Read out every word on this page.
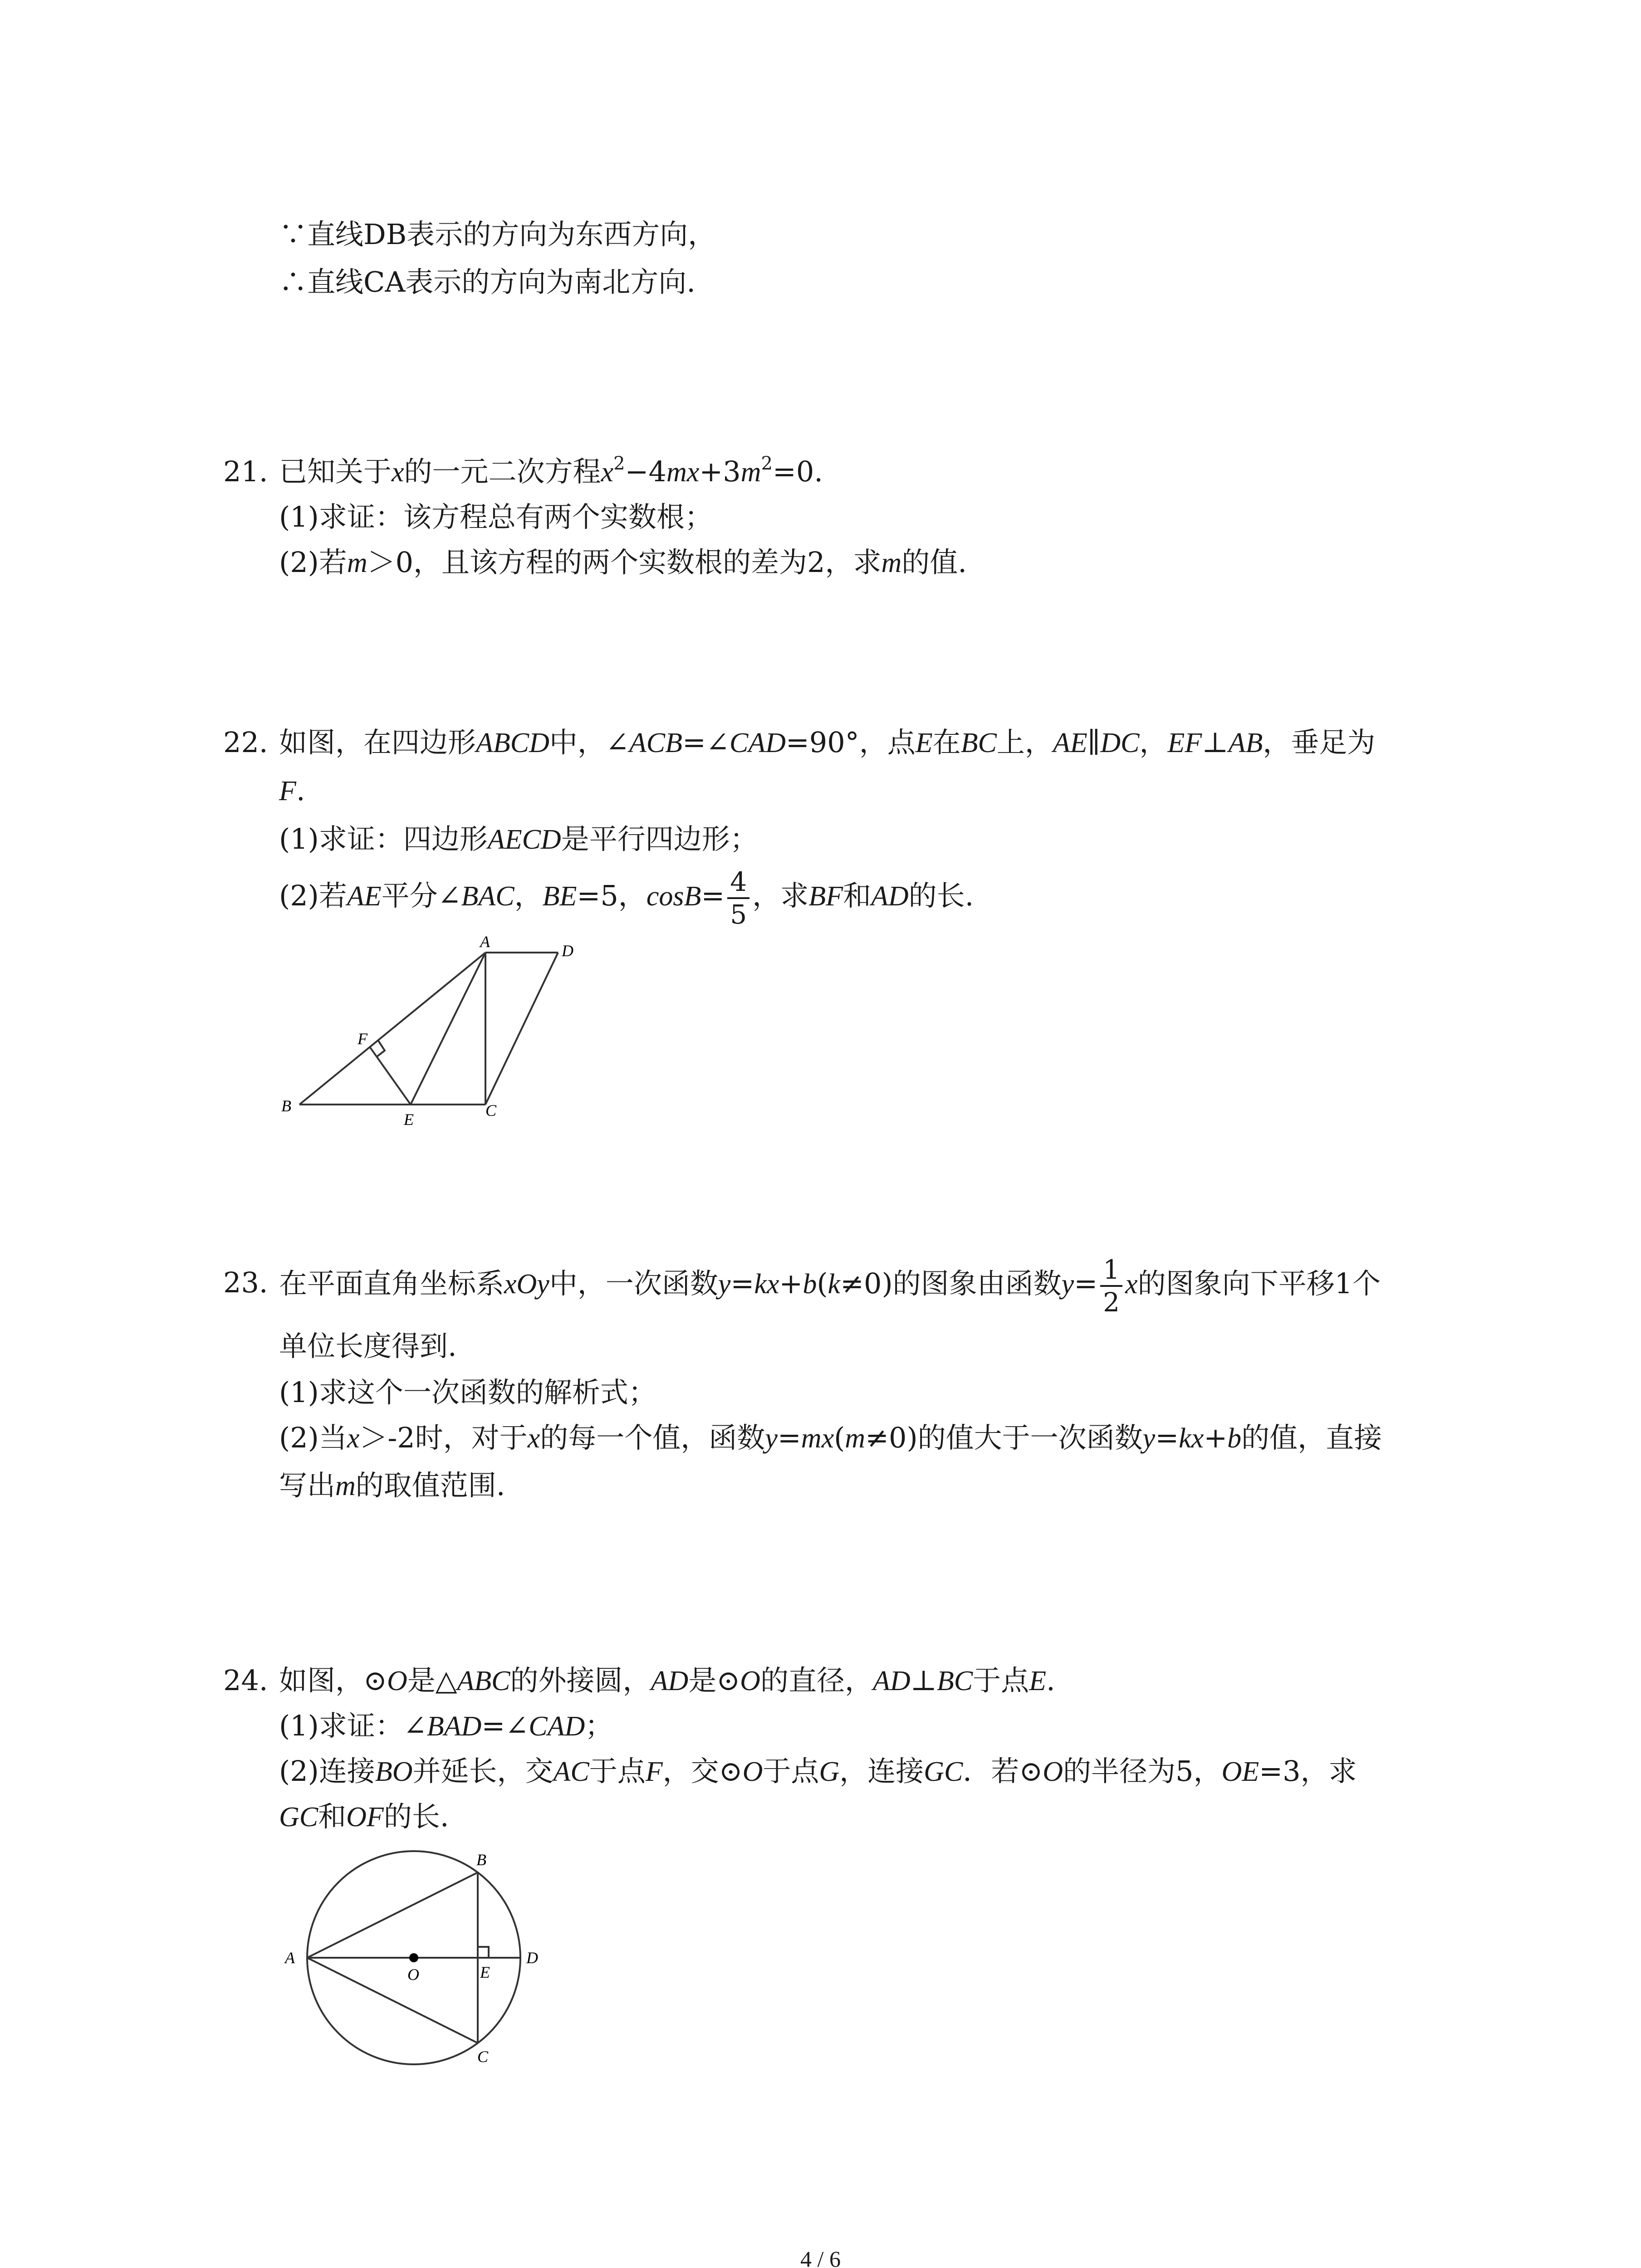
∵直线DB表示的方向为东西方向，
∴直线CA表示的方向为南北方向.
21. 已知关于x的一元二次方程$x^2-4mx+3m^2=0$.
(1)求证：该方程总有两个实数根；
(2)若m＞0，且该方程的两个实数根的差为2，求m的值.
22. 如图，在四边形ABCD中，∠ACB=∠CAD=90°，点E在BC上，AE∥DC，EF⊥AB，垂足为
F.
(1)求证：四边形AECD是平行四边形；
(2)若AE平分∠BAC，BE=5，$\cos B= \frac{4}{5}$ ，求BF和AD的长.
A	D
F
B
E	C
23. 在平面直角坐标系xOy中，一次函数y=kx+b(k≠0)的图象由函数$y= \frac{1}{2}$ x的图象向下平移1个
单位长度得到.
(1)求这个一次函数的解析式；
(2)当x＞-2时，对于x的每一个值，函数y=mx(m≠0)的值大于一次函数y=kx+b的值，直接
写出m的取值范围.
24. 如图，⊙O是△ABC的外接圆，AD是⊙O的直径，AD⊥BC于点E.
(1)求证：∠BAD=∠CAD；
(2)连接BO并延长，交AC于点F，交⊙O于点G，连接GC．若⊙O的半径为5，OE=3，求
GC和OF的长.
A
O	E
D
B
C
4 / 6
